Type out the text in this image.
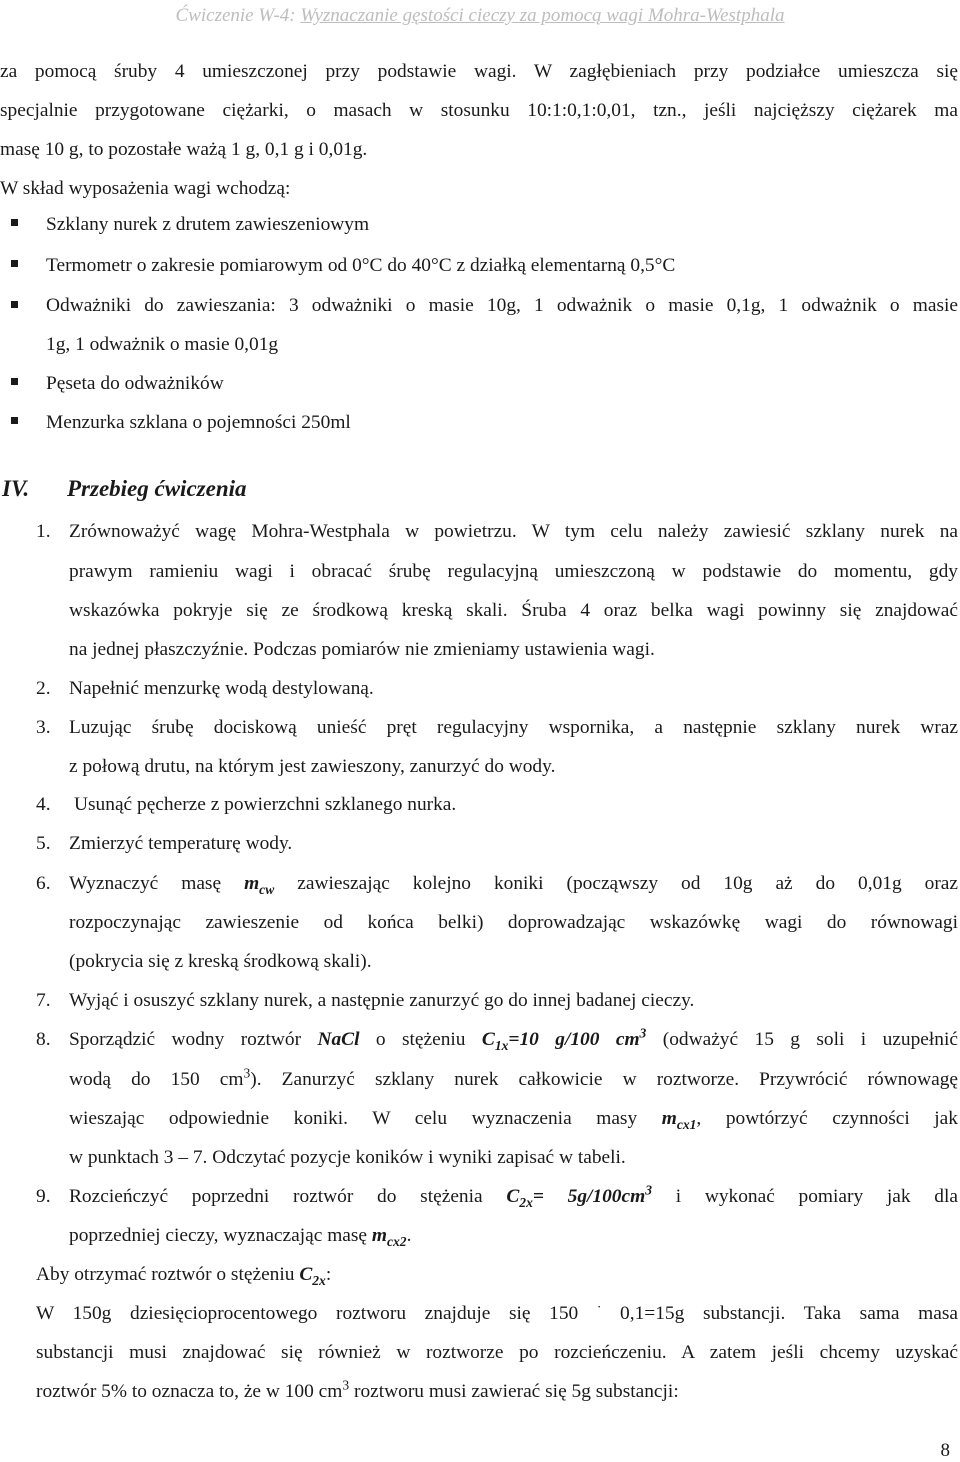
Ćwiczenie W-4: Wyznaczanie gęstości cieczy za pomocą wagi Mohra-Westphala
za pomocą śruby 4 umieszczonej przy podstawie wagi. W zagłębieniach przy podziałce umieszcza się
specjalnie przygotowane ciężarki, o masach w stosunku 10:1:0,1:0,01, tzn., jeśli najcięższy ciężarek ma
masę 10 g, to pozostałe ważą 1 g, 0,1 g i 0,01g.
W skład wyposażenia wagi wchodzą:
Szklany nurek z drutem zawieszeniowym
Termometr o zakresie pomiarowym od 0°C do 40°C z działką elementarną 0,5°C
Odważniki do zawieszania: 3 odważniki o masie 10g, 1 odważnik o masie 0,1g, 1 odważnik o masie
1g, 1 odważnik o masie 0,01g
Pęseta do odważników
Menzurka szklana o pojemności 250ml
IV. Przebieg ćwiczenia
1. Zrównoważyć wagę Mohra-Westphala w powietrzu. W tym celu należy zawiesić szklany nurek na
prawym ramieniu wagi i obracać śrubę regulacyjną umieszczoną w podstawie do momentu, gdy
wskazówka pokryje się ze środkową kreską skali. Śruba 4 oraz belka wagi powinny się znajdować
na jednej płaszczyźnie. Podczas pomiarów nie zmieniamy ustawienia wagi.
2. Napełnić menzurkę wodą destylowaną.
3. Luzując śrubę dociskową unieść pręt regulacyjny wspornika, a następnie szklany nurek wraz
z połową drutu, na którym jest zawieszony, zanurzyć do wody.
4. Usunąć pęcherze z powierzchni szklanego nurka.
5. Zmierzyć temperaturę wody.
6. Wyznaczyć masę $m_{cw}$ zawieszając kolejno koniki (począwszy od 10g aż do 0,01g oraz
rozpoczynając zawieszenie od końca belki) doprowadzając wskazówkę wagi do równowagi
(pokrycia się z kreską środkową skali).
7. Wyjąć i osuszyć szklany nurek, a następnie zanurzyć go do innej badanej cieczy.
8. Sporządzić wodny roztwór NaCl o stężeniu $C_{1x}=10$ g/100 $cm^3$ (odważyć 15 g soli i uzupełnić
wodą do 150 $cm^3$). Zanurzyć szklany nurek całkowicie w roztworze. Przywrócić równowagę
wieszając odpowiednie koniki. W celu wyznaczenia masy $m_{cx1}$, powtórzyć czynności jak
w punktach 3 – 7. Odczytać pozycje koników i wyniki zapisać w tabeli.
9. Rozcieńczyć poprzedni roztwór do stężenia $C_{2x}= 5g/100cm^3$ i wykonać pomiary jak dla
poprzedniej cieczy, wyznaczając masę $m_{cx2}$.
Aby otrzymać roztwór o stężeniu $C_{2x}$:
W 150g dziesięcioprocentowego roztworu znajduje się 150 · 0,1=15g substancji. Taka sama masa
substancji musi znajdować się również w roztworze po rozcieńczeniu. A zatem jeśli chcemy uzyskać
roztwór 5% to oznacza to, że w 100 $cm^3$ roztworu musi zawierać się 5g substancji:
8
